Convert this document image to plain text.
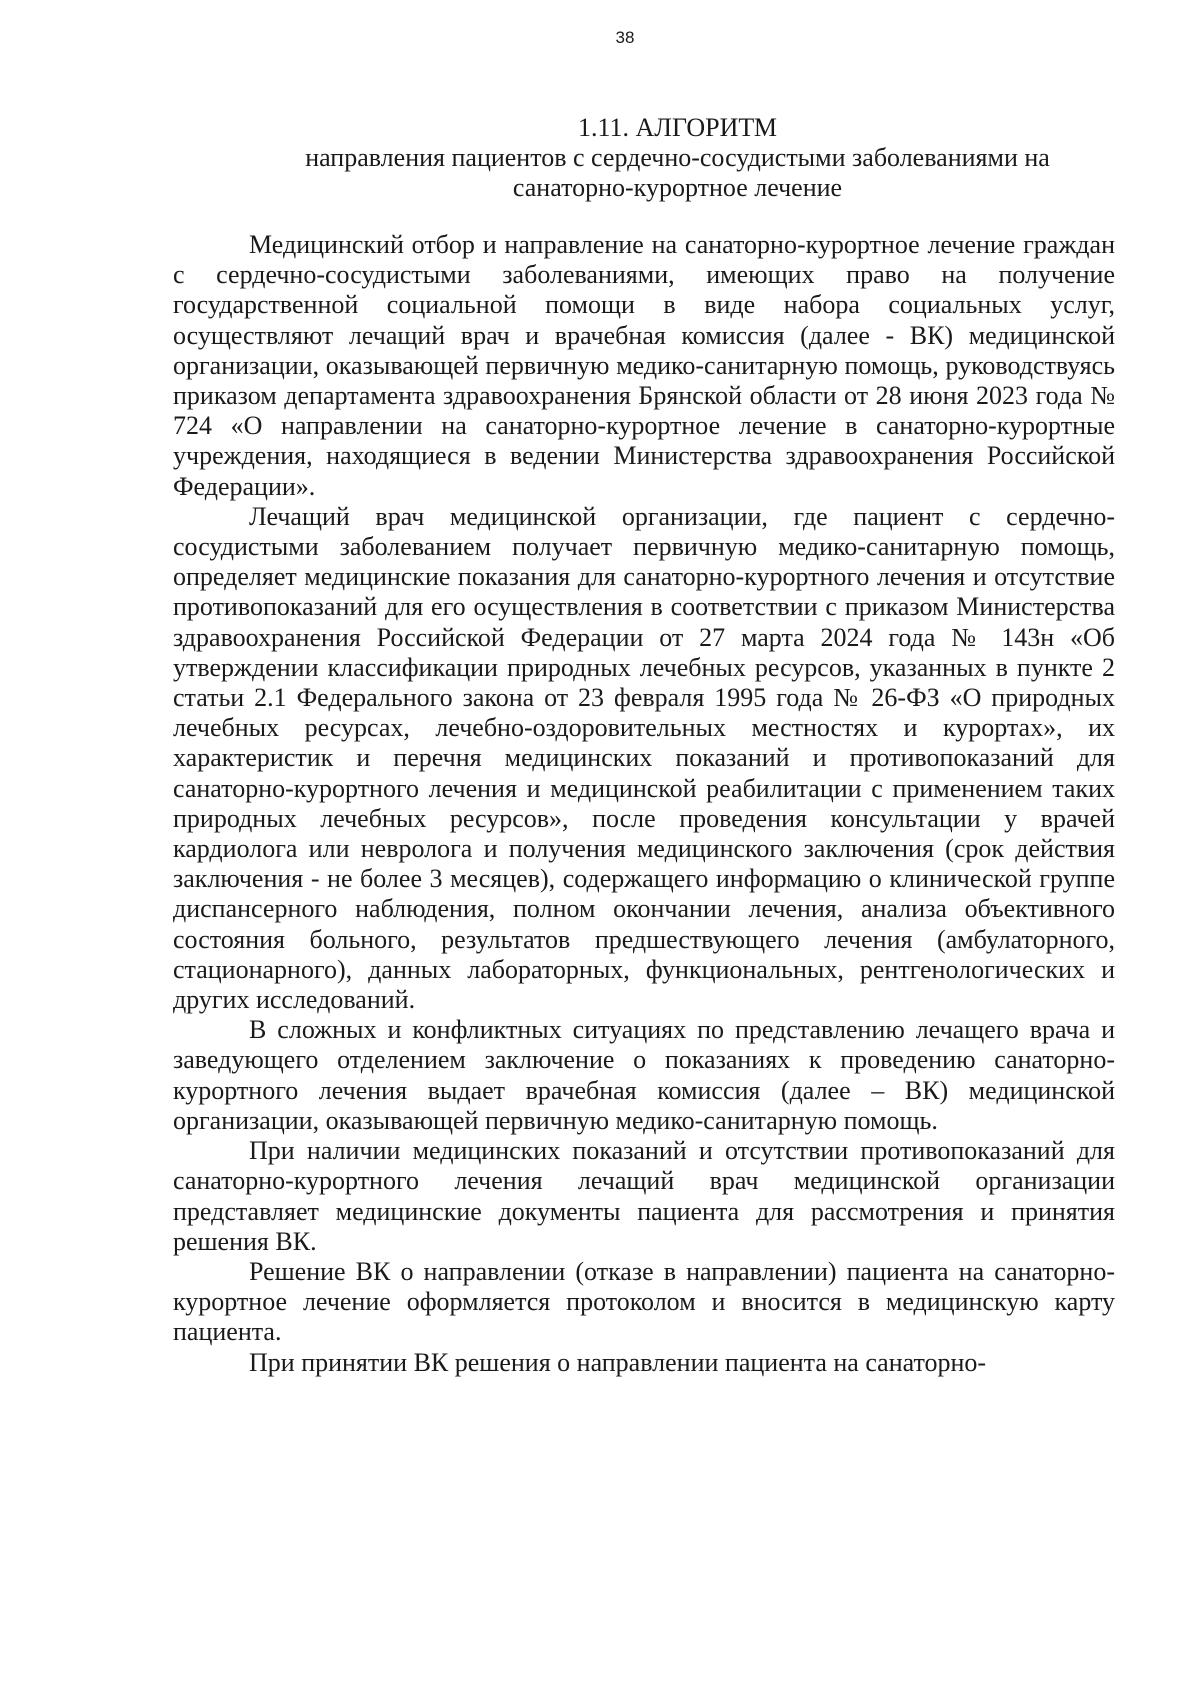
38
1.11. АЛГОРИТМ
направления пациентов с сердечно-сосудистыми заболеваниями на
санаторно-курортное лечение

Медицинский отбор и направление на санаторно-курортное лечение граждан с сердечно-сосудистыми заболеваниями, имеющих право на получение государственной социальной помощи в виде набора социальных услуг, осуществляют лечащий врач и врачебная комиссия (далее - ВК) медицинской организации, оказывающей первичную медико-санитарную помощь, руководствуясь приказом департамента здравоохранения Брянской области от 28 июня 2023 года № 724 «О направлении на санаторно-курортное лечение в санаторно-курортные учреждения, находящиеся в ведении Министерства здравоохранения Российской Федерации».

Лечащий врач медицинской организации, где пациент с сердечно-сосудистыми заболеванием получает первичную медико-санитарную помощь, определяет медицинские показания для санаторно-курортного лечения и отсутствие противопоказаний для его осуществления в соответствии с приказом Министерства здравоохранения Российской Федерации от 27 марта 2024 года № 143н «Об утверждении классификации природных лечебных ресурсов, указанных в пункте 2 статьи 2.1 Федерального закона от 23 февраля 1995 года № 26-ФЗ «О природных лечебных ресурсах, лечебно-оздоровительных местностях и курортах», их характеристик и перечня медицинских показаний и противопоказаний для санаторно-курортного лечения и медицинской реабилитации с применением таких природных лечебных ресурсов», после проведения консультации у врачей кардиолога или невролога и получения медицинского заключения (срок действия заключения - не более 3 месяцев), содержащего информацию о клинической группе диспансерного наблюдения, полном окончании лечения, анализа объективного состояния больного, результатов предшествующего лечения (амбулаторного, стационарного), данных лабораторных, функциональных, рентгенологических и других исследований.

В сложных и конфликтных ситуациях по представлению лечащего врача и заведующего отделением заключение о показаниях к проведению санаторно-курортного лечения выдает врачебная комиссия (далее – ВК) медицинской организации, оказывающей первичную медико-санитарную помощь.

При наличии медицинских показаний и отсутствии противопоказаний для санаторно-курортного лечения лечащий врач медицинской организации представляет медицинские документы пациента для рассмотрения и принятия решения ВК.

Решение ВК о направлении (отказе в направлении) пациента на санаторно-курортное лечение оформляется протоколом и вносится в медицинскую карту пациента.

При принятии ВК решения о направлении пациента на санаторно-
